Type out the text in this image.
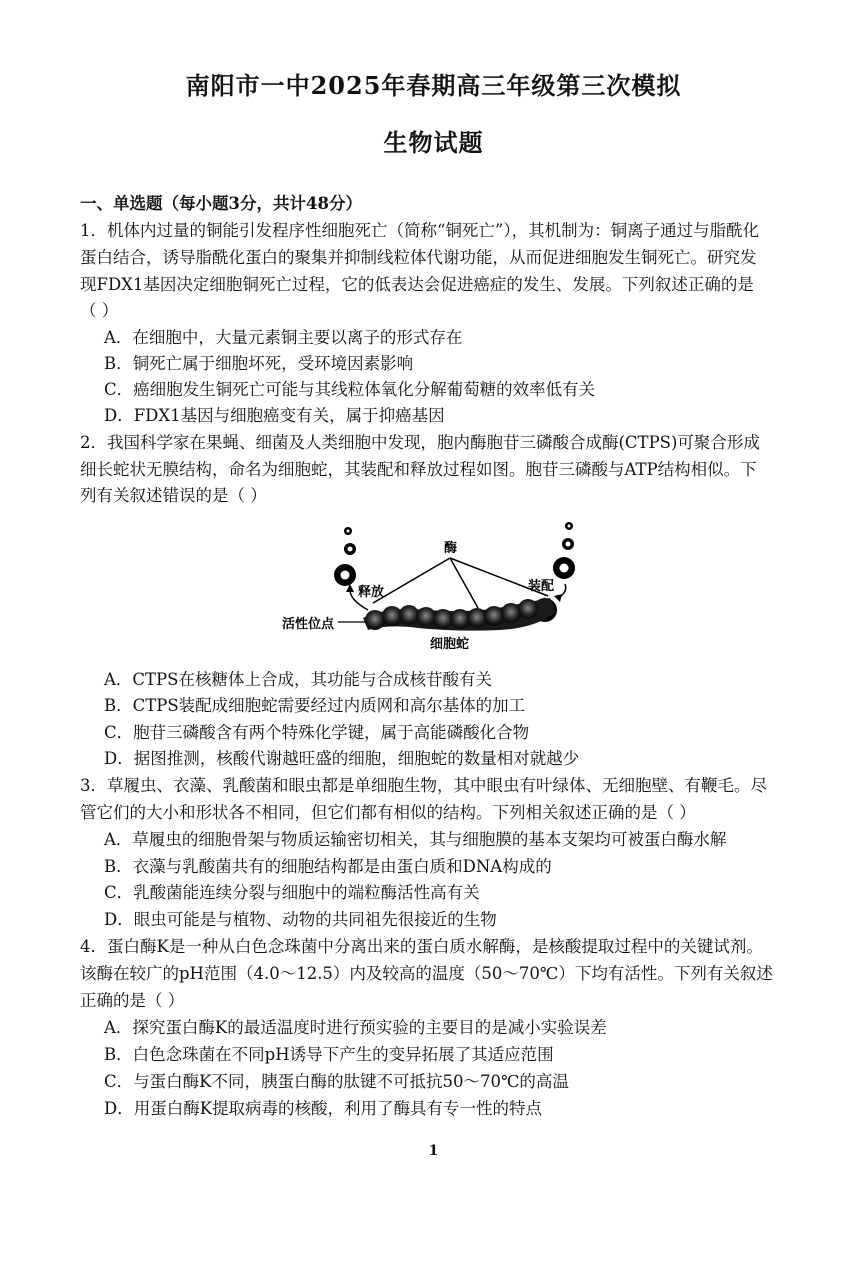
南阳市一中2025年春期高三年级第三次模拟
生物试题
一、单选题（每小题3分，共计48分）
1．机体内过量的铜能引发程序性细胞死亡（简称“铜死亡”），其机制为：铜离子通过与脂酰化
蛋白结合，诱导脂酰化蛋白的聚集并抑制线粒体代谢功能，从而促进细胞发生铜死亡。研究发
现FDX1基因决定细胞铜死亡过程，它的低表达会促进癌症的发生、发展。下列叙述正确的是
（ ）
A．在细胞中，大量元素铜主要以离子的形式存在
B．铜死亡属于细胞坏死，受环境因素影响
C．癌细胞发生铜死亡可能与其线粒体氧化分解葡萄糖的效率低有关
D．FDX1基因与细胞癌变有关，属于抑癌基因
2．我国科学家在果蝇、细菌及人类细胞中发现，胞内酶胞苷三磷酸合成酶(CTPS)可聚合形成
细长蛇状无膜结构，命名为细胞蛇，其装配和释放过程如图。胞苷三磷酸与ATP结构相似。下
列有关叙述错误的是（ ）
酶
释放	装配
活性位点
细胞蛇
A．CTPS在核糖体上合成，其功能与合成核苷酸有关
B．CTPS装配成细胞蛇需要经过内质网和高尔基体的加工
C．胞苷三磷酸含有两个特殊化学键，属于高能磷酸化合物
D．据图推测，核酸代谢越旺盛的细胞，细胞蛇的数量相对就越少
3．草履虫、衣藻、乳酸菌和眼虫都是单细胞生物，其中眼虫有叶绿体、无细胞壁、有鞭毛。尽
管它们的大小和形状各不相同，但它们都有相似的结构。下列相关叙述正确的是（ ）
A．草履虫的细胞骨架与物质运输密切相关，其与细胞膜的基本支架均可被蛋白酶水解
B．衣藻与乳酸菌共有的细胞结构都是由蛋白质和DNA构成的
C．乳酸菌能连续分裂与细胞中的端粒酶活性高有关
D．眼虫可能是与植物、动物的共同祖先很接近的生物
4．蛋白酶K是一种从白色念珠菌中分离出来的蛋白质水解酶，是核酸提取过程中的关键试剂。
该酶在较广的pH范围（4.0～12.5）内及较高的温度（50～70℃）下均有活性。下列有关叙述
正确的是（ ）
A．探究蛋白酶K的最适温度时进行预实验的主要目的是减小实验误差
B．白色念珠菌在不同pH诱导下产生的变异拓展了其适应范围
C．与蛋白酶K不同，胰蛋白酶的肽键不可抵抗50～70℃的高温
D．用蛋白酶K提取病毒的核酸，利用了酶具有专一性的特点
1
